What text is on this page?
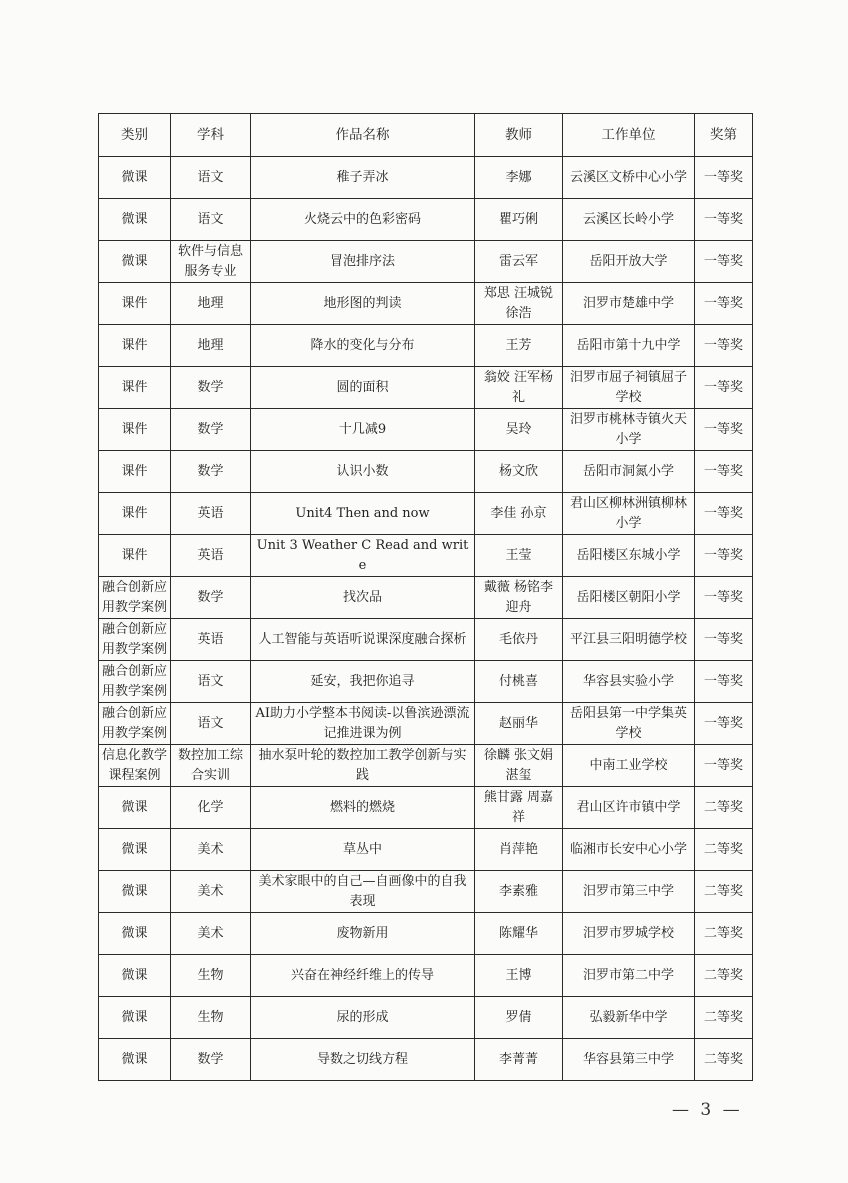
类别	学科	作品名称	教师	工作单位	奖第
微课	语文	稚子弄冰	李娜	云溪区文桥中心小学	一等奖
微课	语文	火烧云中的色彩密码	瞿巧俐	云溪区长岭小学	一等奖
微课	软件与信息服务专业	冒泡排序法	雷云军	岳阳开放大学	一等奖
课件	地理	地形图的判读	郑思 汪城锐徐浩	汨罗市楚雄中学	一等奖
课件	地理	降水的变化与分布	王芳	岳阳市第十九中学	一等奖
课件	数学	圆的面积	翁姣 汪军杨礼	汨罗市屈子祠镇屈子学校	一等奖
课件	数学	十几减9	吴玲	汨罗市桃林寺镇火天小学	一等奖
课件	数学	认识小数	杨文欣	岳阳市洞氮小学	一等奖
课件	英语	Unit4 Then and now	李佳 孙京	君山区柳林洲镇柳林小学	一等奖
课件	英语	Unit 3 Weather C Read and write	王莹	岳阳楼区东城小学	一等奖
融合创新应用教学案例	数学	找次品	戴薇 杨铭李迎舟	岳阳楼区朝阳小学	一等奖
融合创新应用教学案例	英语	人工智能与英语听说课深度融合探析	毛依丹	平江县三阳明德学校	一等奖
融合创新应用教学案例	语文	延安，我把你追寻	付桃喜	华容县实验小学	一等奖
融合创新应用教学案例	语文	AI助力小学整本书阅读-以鲁滨逊漂流记推进课为例	赵丽华	岳阳县第一中学集英学校	一等奖
信息化教学课程案例	数控加工综合实训	抽水泵叶轮的数控加工教学创新与实践	徐麟 张文娟湛玺	中南工业学校	一等奖
微课	化学	燃料的燃烧	熊甘露 周嘉祥	君山区许市镇中学	二等奖
微课	美术	草丛中	肖萍艳	临湘市长安中心小学	二等奖
微课	美术	美术家眼中的自己—自画像中的自我表现	李素雅	汨罗市第三中学	二等奖
微课	美术	废物新用	陈耀华	汨罗市罗城学校	二等奖
微课	生物	兴奋在神经纤维上的传导	王博	汨罗市第二中学	二等奖
微课	生物	尿的形成	罗倩	弘毅新华中学	二等奖
微课	数学	导数之切线方程	李菁菁	华容县第三中学	二等奖
— 3 —
